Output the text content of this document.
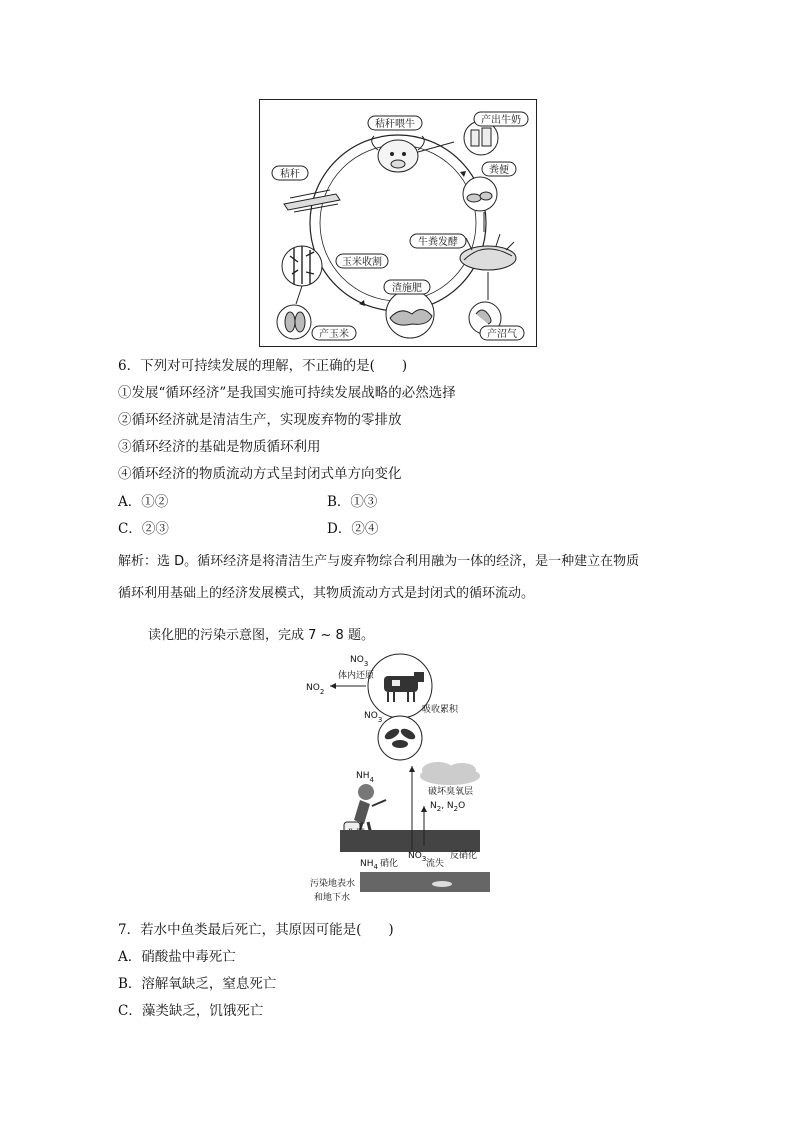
秸秆喂牛	产出牛奶
粪便
牛粪发酵
产沼气
渣施肥
玉米收割
秸秆
产玉米
6．下列对可持续发展的理解，不正确的是(　　)
①发展“循环经济”是我国实施可持续发展战略的必然选择
②循环经济就是清洁生产，实现废弃物的零排放
③循环经济的基础是物质循环利用
④循环经济的物质流动方式呈封闭式单方向变化
A．①②	B．①③
C．②③	D．②④
解析：选 D。循环经济是将清洁生产与废弃物综合利用融为一体的经济，是一种建立在物质
循环利用基础上的经济发展模式，其物质流动方式是封闭式的循环流动。
读化肥的污染示意图，完成 7 ~ 8 题。
$NO_3$
$NO_2$
体内还原
吸收累积
$NO_3$
$NH_4$
破坏臭氧层
$N_2$, $N_2O$
$NH_4$ 硝化
$NO_3$ 流失
反硝化
污染地表水
和地下水
7．若水中鱼类最后死亡，其原因可能是(　　)
A．硝酸盐中毒死亡
B．溶解氧缺乏，窒息死亡
C．藻类缺乏，饥饿死亡
